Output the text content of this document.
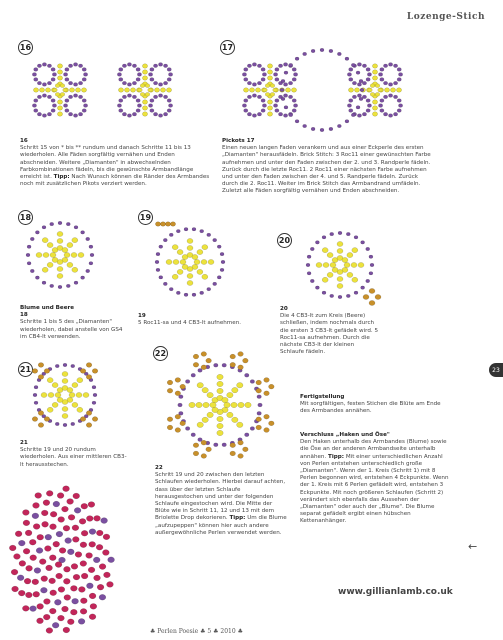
Lozenge-Stich
16	17
18	19
20
21
22
16
Schritt 15 von * bis ** rundum und danach Schritte 11 bis 13 wiederholen. Alle Fäden sorgfältig vernähen und Enden abschneiden. Weitere „Diamanten" in abwechselnden Farbkombinationen fädeln, bis die gewünschte Armbandlänge erreicht ist. Tipp: Nach Wunsch können die Ränder des Armbandes noch mit zusätzlichen Pikots verziert werden.
Pickots 17
Einen neuen langen Faden verankern und aus einer Eckperle des ersten „Diamanten" herausfädeln. Brick Stitch: 3 Roc11 einer gewünschten Farbe aufnehmen und unter den Faden zwischen der 2. und 3. Randperle fädeln. Zurück durch die letzte Roc11. 2 Roc11 einer nächsten Farbe aufnehmen und unter den Faden zwischen der 4. und 5. Randperle fädeln. Zurück durch die 2. Roc11. Weiter im Brick Stitch das Armbandrand umfädeln. Zuletzt alle Fäden sorgfältig vernähen und Enden abschneiden.
Blume und Beere
18
Schritte 1 bis 5 des „Diamanten" wiederholen, dabei anstelle von GS4 im CB4-lt verwenden.
19
5 Roc11-sa und 4 CB3-lt aufnehmen.
20
Die 4 CB3-lt zum Kreis (Beere) schließen, indem nochmals durch die ersten 3 CB3-lt gefädelt wird. 5 Roc11-sa aufnehmen. Durch die nächste CB3-lt der kleinen Schlaufe fädeln.
21
Schritte 19 und 20 rundum wiederholen. Aus einer mittleren CB3-lt herausstechen.
22
Schritt 19 und 20 zwischen den letzten Schlaufen wiederholen. Hierbei darauf achten, dass über der letzten Schlaufe herausgestochen und unter der folgenden Schlaufe eingestochen wird. Die Mitte der Blüte wie in Schritt 11, 12 und 13 mit dem Briolette Drop dekorieren. Tipp: Um die Blume „aufzupeppen" können hier auch andere außergewöhnliche Perlen verwendet werden.
Fertigstellung
Mit sorgfältigen, festen Stichen die Blüte am Ende des Armbandes annähen.
Verschluss „Haken und Öse"
Den Haken unterhalb des Armbandes (Blume) sowie die Öse an der anderen Armbandseite unterhalb annähen. Tipp: Mit einer unterschiedlichen Anzahl von Perlen entstehen unterschiedlich große „Diamanten". Wenn der 1. Kreis (Schritt 1) mit 8 Perlen begonnen wird, entstehen 4 Eckpunkte. Wenn der 1. Kreis mit 6 Perlen gefädelt wird, entstehen 3 Eckpunkte. Mit noch größeren Schlaufen (Schritt 2) verändert sich ebenfalls das Aussehen der „Diamanten" oder auch der „Blume". Die Blume separat gefädelt ergibt einen hübschen Kettenanhänger.
←
23
www.gillianlamb.co.uk
♣ Perlen Poesie ♣ 5 ♣ 2010 ♣
